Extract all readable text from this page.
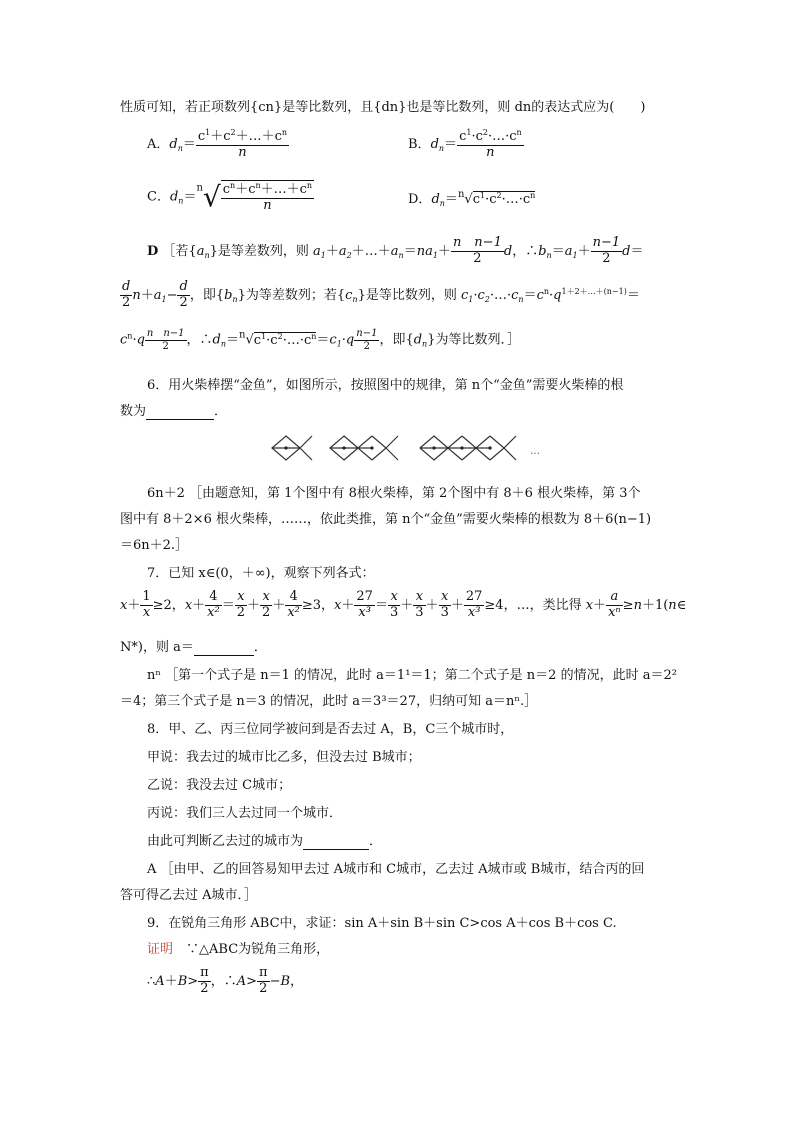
性质可知，若正项数列{cn}是等比数列，且{dn}也是等比数列，则 dn的表达式应为(　　)
A．$d_n= \frac{c^1+c^2+\dots+c^n}{n}$	B．$d_n= \frac{c^1\cdot c^2\cdot\dots\cdot c^n}{n}$
C．$d_n=^n√ \frac{c^n+c^n+\dots+c^n}{n}$	D．$d_n=^n√c^1\cdot c^2\cdot\dots\cdot c^n$
D ［若$\{a_n\}$是等差数列，则 $a_1+a_2+\dots+a_n=na_1+ \frac{\text{n　n−1}}{2}$ d，$\therefore b_n=a_1+ \frac{n-1}{2} d=$
$\frac{d}{2} n+a_1- \frac{d}{2}$ ，即$\{b_n\}$为等差数列；若$\{c_n\}$是等比数列，则 $c_1\cdot c_2\cdot\dots\cdot c_n=c^n\cdot q^{1+2+\dots+(n-1)}=$
$c^n\cdot q \frac{\text{n　n−1}}{2}$ ，$\therefore d_n=^n√c^1\cdot c^2\cdot\dots\cdot c^n=c_1\cdot q \frac{n-1}{2}$ ，即$\{d_n\}$为等比数列．］
6．用火柴棒摆“金鱼”，如图所示，按照图中的规律，第 n个“金鱼”需要火柴棒的根
数为	．
…
6n＋2 ［由题意知，第 1个图中有 8根火柴棒，第 2个图中有 8＋6 根火柴棒，第 3个
图中有 8＋2×6 根火柴棒，……，依此类推，第 n个“金鱼”需要火柴棒的根数为 8＋6(n−1)
＝6n＋2.］
7．已知 x∈(0，＋∞)，观察下列各式：
$x+ \frac{1}{x} \ge 2$，$x+ \frac{4}{\text{x²}} = \frac{x}{2} + \frac{x}{2} + \frac{4}{\text{x²}} \ge 3$，$x+ \frac{27}{\text{x³}} = \frac{x}{3} + \frac{x}{3} + \frac{x}{3} + \frac{27}{\text{x³}} \ge 4$，…，类比得 $x+ \frac{a}{\text{xⁿ}}$ ≥n＋1(n∈
N*)，则 a＝	．
nⁿ ［第一个式子是 n＝1 的情况，此时 a＝1¹＝1；第二个式子是 n＝2 的情况，此时 a＝2²
＝4；第三个式子是 n＝3 的情况，此时 a＝3³＝27，归纳可知 a＝nⁿ.］
8．甲、乙、丙三位同学被问到是否去过 A，B，C三个城市时，
甲说：我去过的城市比乙多，但没去过 B城市；
乙说：我没去过 C城市；
丙说：我们三人去过同一个城市．
由此可判断乙去过的城市为	．
A ［由甲、乙的回答易知甲去过 A城市和 C城市，乙去过 A城市或 B城市，结合丙的回
答可得乙去过 A城市．］
9．在锐角三角形 ABC中，求证：sin A＋sin B＋sin C>cos A＋cos B＋cos C.
证明　 ∵△ABC为锐角三角形，
∴A＋B> $\frac{\pi}{2}$ ，∴A> $\frac{\pi}{2} -B$，
